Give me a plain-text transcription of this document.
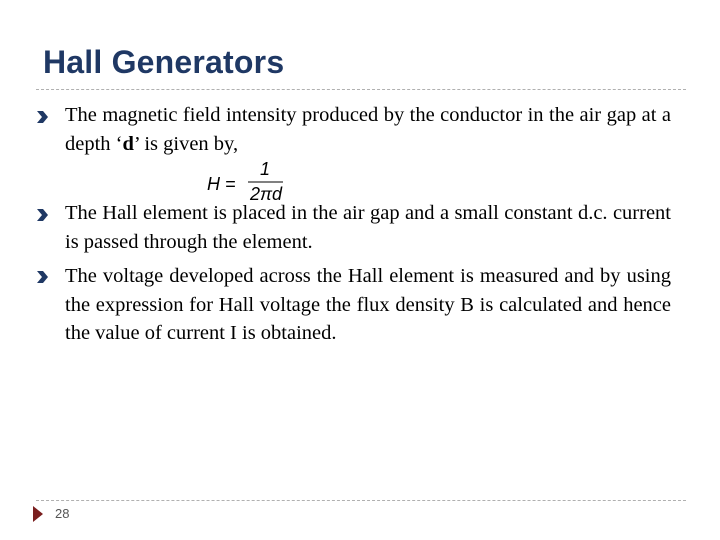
Hall Generators
The magnetic field intensity produced by the conductor in the air gap at a depth ‘d’ is given by,
H =
1
2πd
The Hall element is placed in the air gap and a small constant d.c. current is passed through the element.
The voltage developed across the Hall element is measured and by using the expression for Hall voltage the flux density B is calculated and hence the value of current I is obtained.
28
